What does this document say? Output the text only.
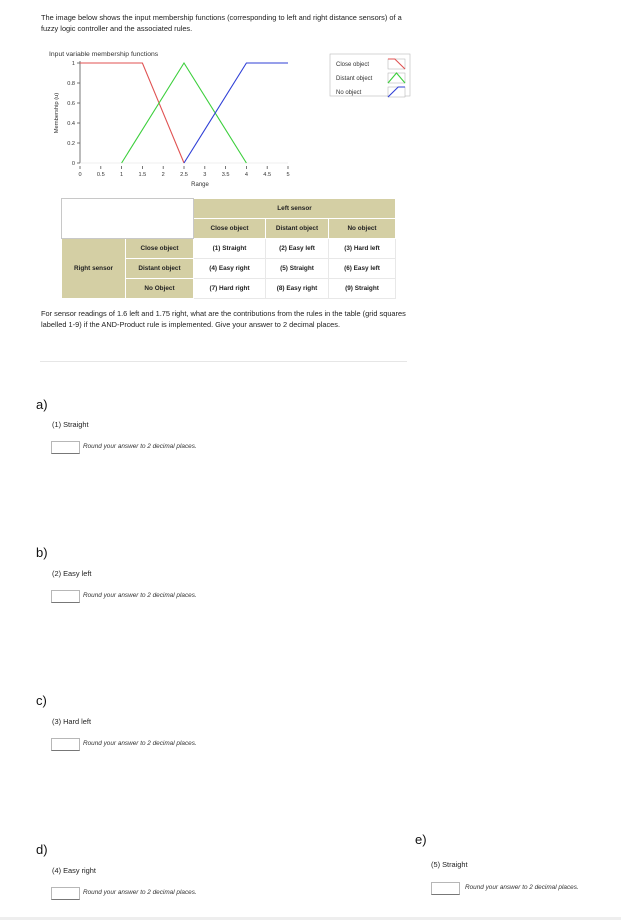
The image below shows the input membership functions (corresponding to left and right distance sensors) of a fuzzy logic controller and the associated rules.
Input variable membership functions
0
0.2
0.4
0.6
0.8
1
0	0.5	1	1.5	2	2.5	3	3.5	4	4.5	5
Range
Membership (u)
Close object
Distant object
No object
		Left sensor		
		Close object	Distant object	No object
Right sensor	Close object	(1) Straight	(2) Easy left	(3) Hard left
	Distant object	(4) Easy right	(5) Straight	(6) Easy left
	No Object	(7) Hard right	(8) Easy right	(9) Straight
For sensor readings of 1.6 left and 1.75 right, what are the contributions from the rules in the table (grid squares labelled 1-9) if the AND-Product rule is implemented. Give your answer to 2 decimal places.
a)
(1) Straight
Round your answer to 2 decimal places.
b)
(2) Easy left
Round your answer to 2 decimal places.
c)
(3) Hard left
Round your answer to 2 decimal places.
d)
(4) Easy right
Round your answer to 2 decimal places.
e)
(5) Straight
Round your answer to 2 decimal places.
